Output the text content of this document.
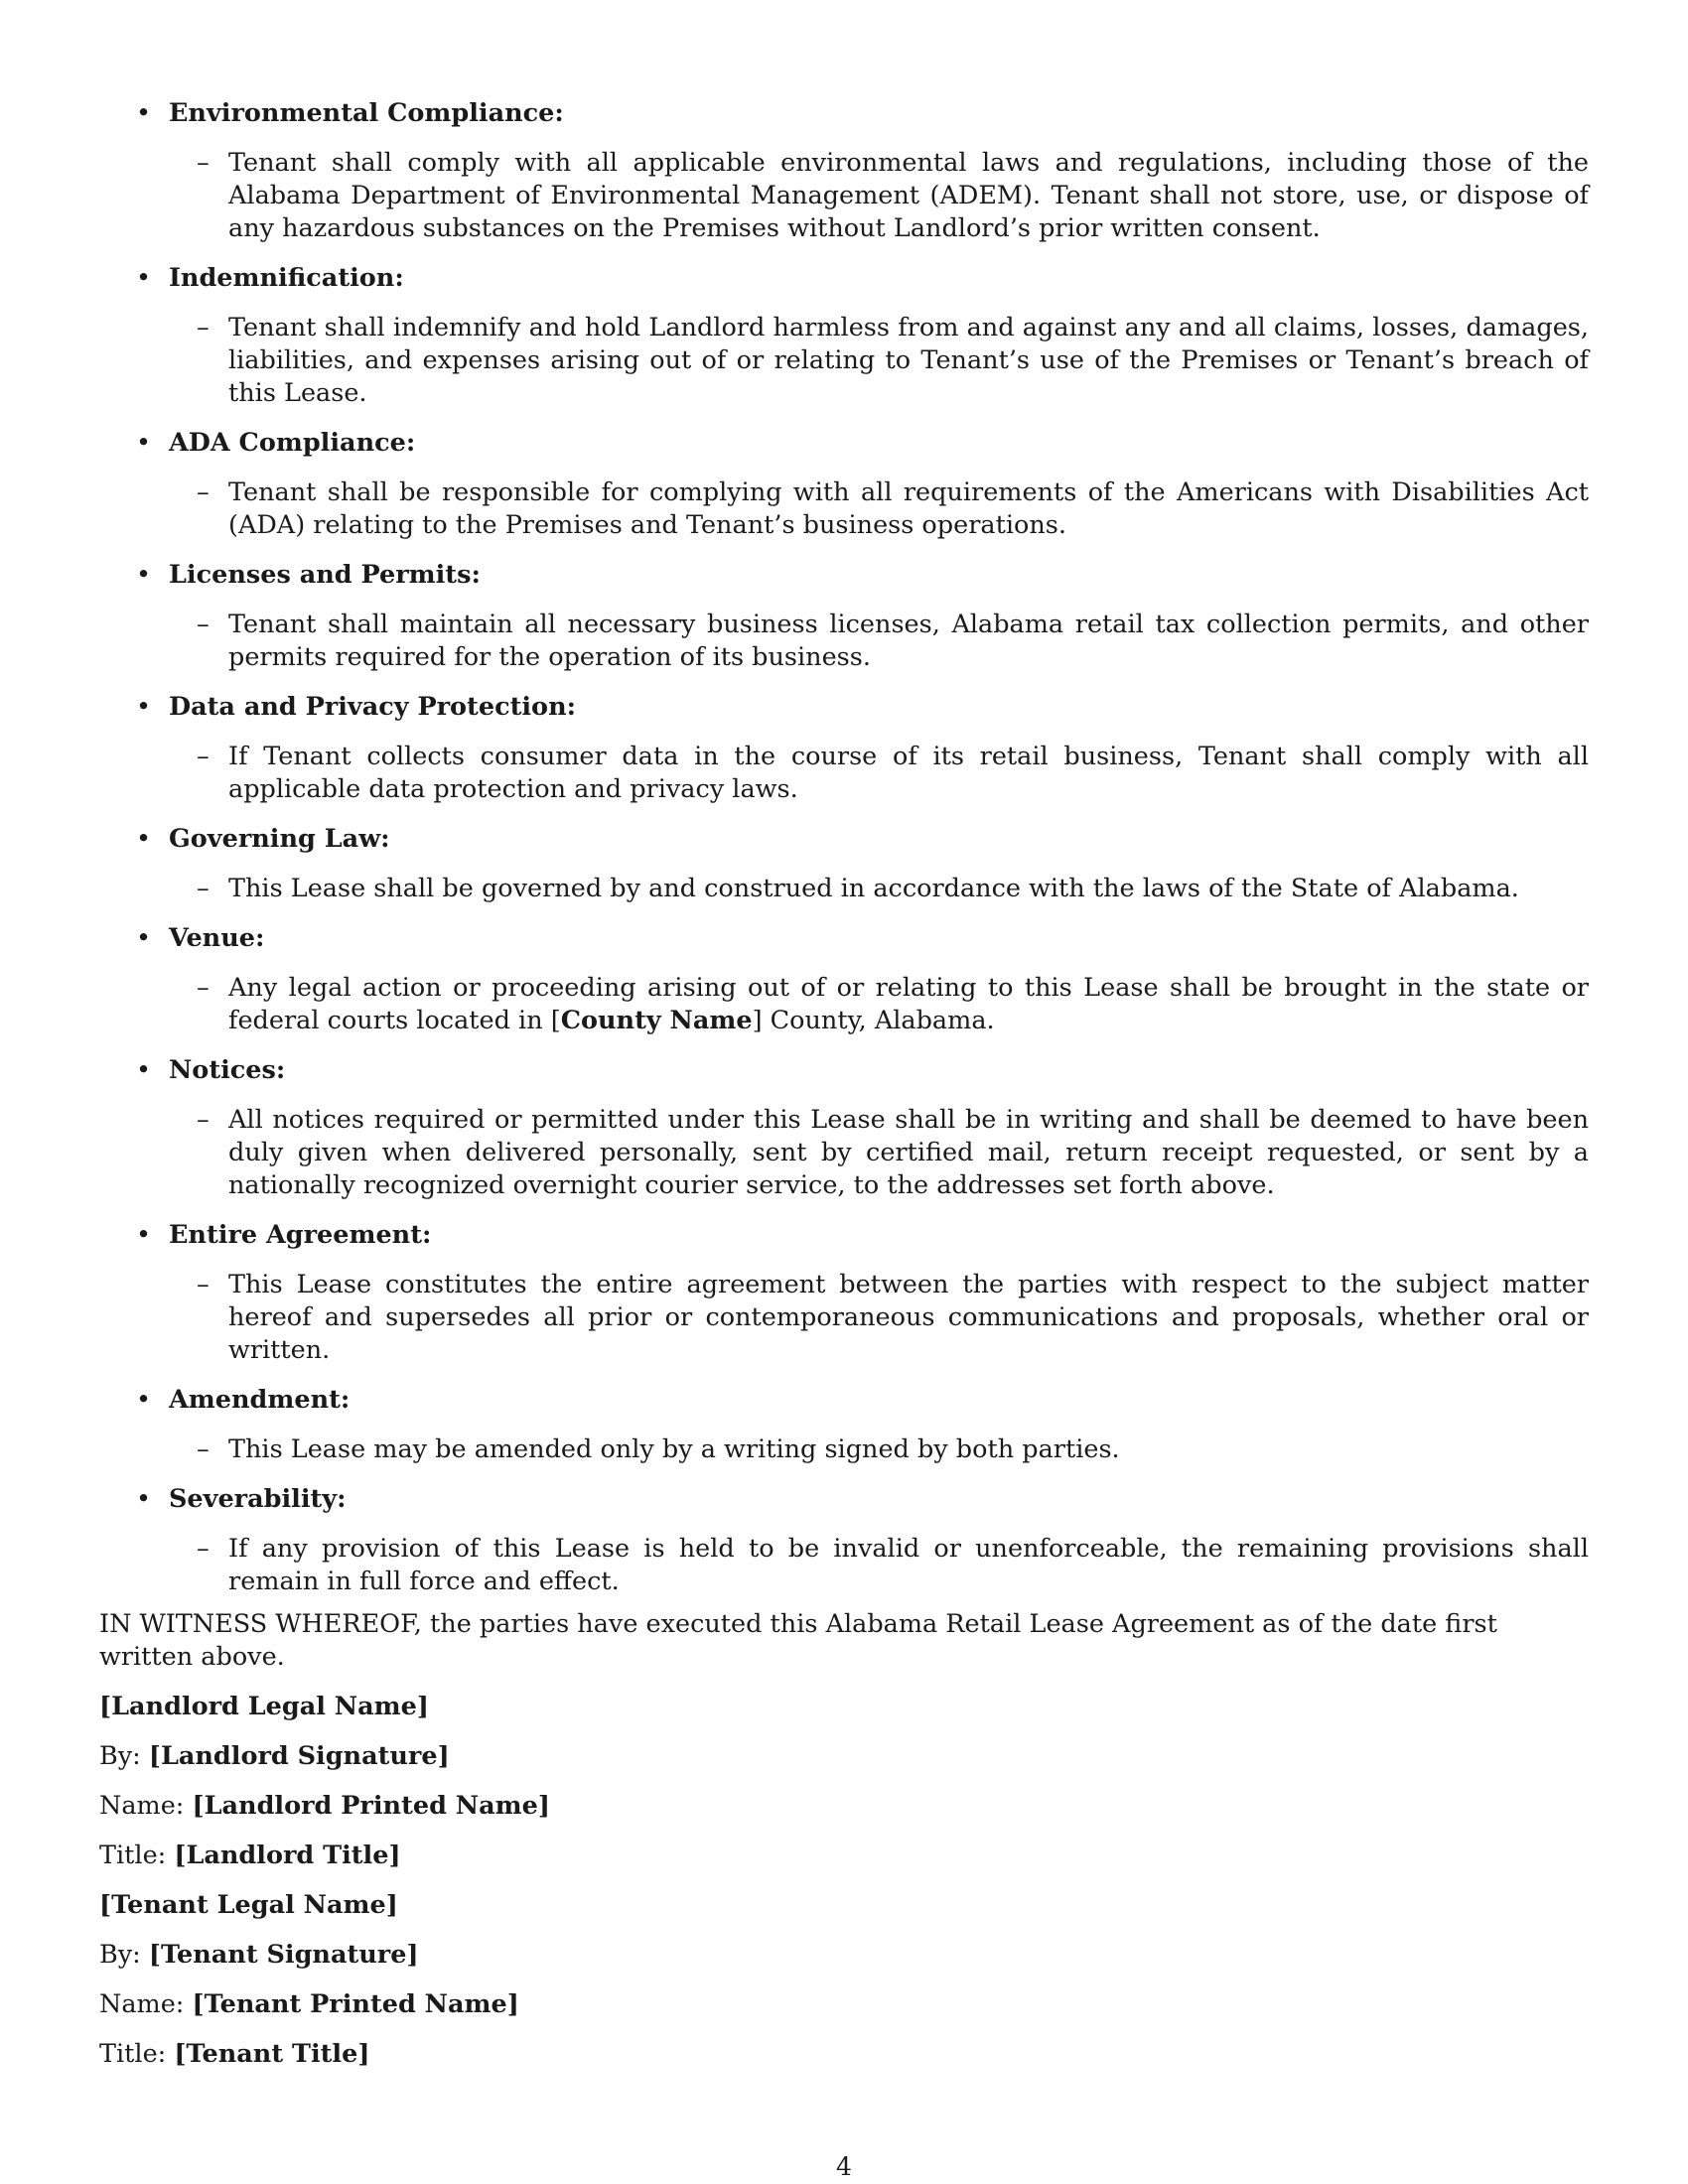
• Environmental Compliance:
– Tenant shall comply with all applicable environmental laws and regulations, including those of the Alabama Department of Environmental Management (ADEM). Tenant shall not store, use, or dispose of any hazardous substances on the Premises without Landlord’s prior written consent.
• Indemnification:
– Tenant shall indemnify and hold Landlord harmless from and against any and all claims, losses, damages, liabilities, and expenses arising out of or relating to Tenant’s use of the Premises or Tenant’s breach of this Lease.
• ADA Compliance:
– Tenant shall be responsible for complying with all requirements of the Americans with Disabilities Act (ADA) relating to the Premises and Tenant’s business operations.
• Licenses and Permits:
– Tenant shall maintain all necessary business licenses, Alabama retail tax collection permits, and other permits required for the operation of its business.
• Data and Privacy Protection:
– If Tenant collects consumer data in the course of its retail business, Tenant shall comply with all applicable data protection and privacy laws.
• Governing Law:
– This Lease shall be governed by and construed in accordance with the laws of the State of Alabama.
• Venue:
– Any legal action or proceeding arising out of or relating to this Lease shall be brought in the state or federal courts located in [County Name] County, Alabama.
• Notices:
– All notices required or permitted under this Lease shall be in writing and shall be deemed to have been duly given when delivered personally, sent by certified mail, return receipt requested, or sent by a nationally recognized overnight courier service, to the addresses set forth above.
• Entire Agreement:
– This Lease constitutes the entire agreement between the parties with respect to the subject matter hereof and supersedes all prior or contemporaneous communications and proposals, whether oral or written.
• Amendment:
– This Lease may be amended only by a writing signed by both parties.
• Severability:
– If any provision of this Lease is held to be invalid or unenforceable, the remaining provisions shall remain in full force and effect.

IN WITNESS WHEREOF, the parties have executed this Alabama Retail Lease Agreement as of the date first written above.

[Landlord Legal Name]

By: [Landlord Signature]

Name: [Landlord Printed Name]

Title: [Landlord Title]

[Tenant Legal Name]

By: [Tenant Signature]

Name: [Tenant Printed Name]

Title: [Tenant Title]

4
